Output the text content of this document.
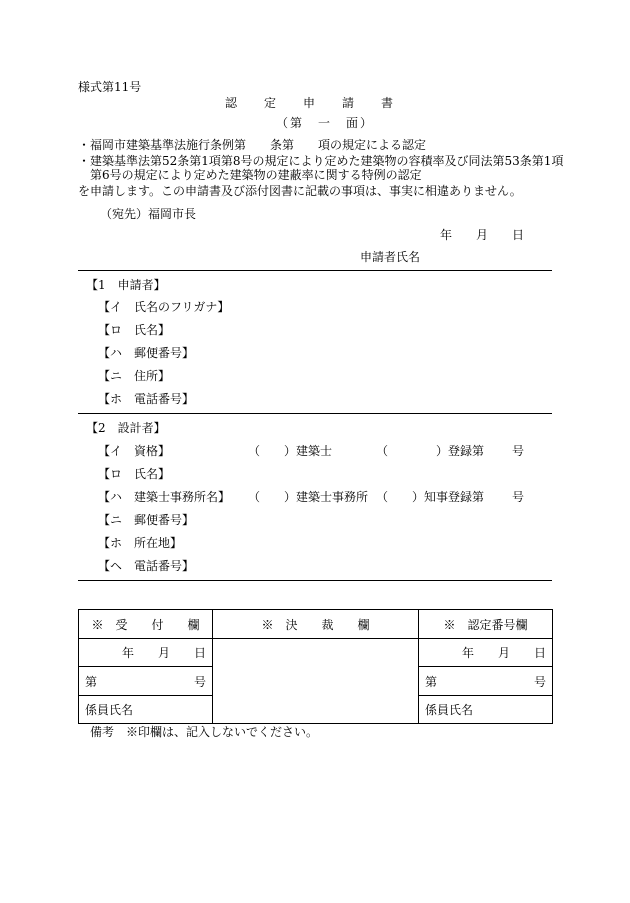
様式第11号
認定申請書
（第　一　面）
・福岡市建築基準法施行条例第　　条第　　項の規定による認定
・建築基準法第52条第1項第8号の規定により定めた建築物の容積率及び同法第53条第1項
第6号の規定により定めた建築物の建蔽率に関する特例の認定
を申請します。この申請書及び添付図書に記載の事項は、事実に相違ありません。
（宛先）福岡市長
年　　月　　日
申請者氏名
【1　申請者】
【イ　氏名のフリガナ】
【ロ　氏名】
【ハ　郵便番号】
【ニ　住所】
【ホ　電話番号】
【2　設計者】
【イ　資格】	（　　）建築士	（　　　　）登録第 号
【ロ　氏名】
【ハ　建築士事務所名】 （　　）建築士事務所 （　　）知事登録第 号
【ニ　郵便番号】
【ホ　所在地】
【ヘ　電話番号】
※　受　　付　　欄	※　決　　裁　　欄	※　認定番号欄
年　　月　　日		年　　月　　日

第 号		第 号

係員氏名		係員氏名
備考　※印欄は、記入しないでください。
